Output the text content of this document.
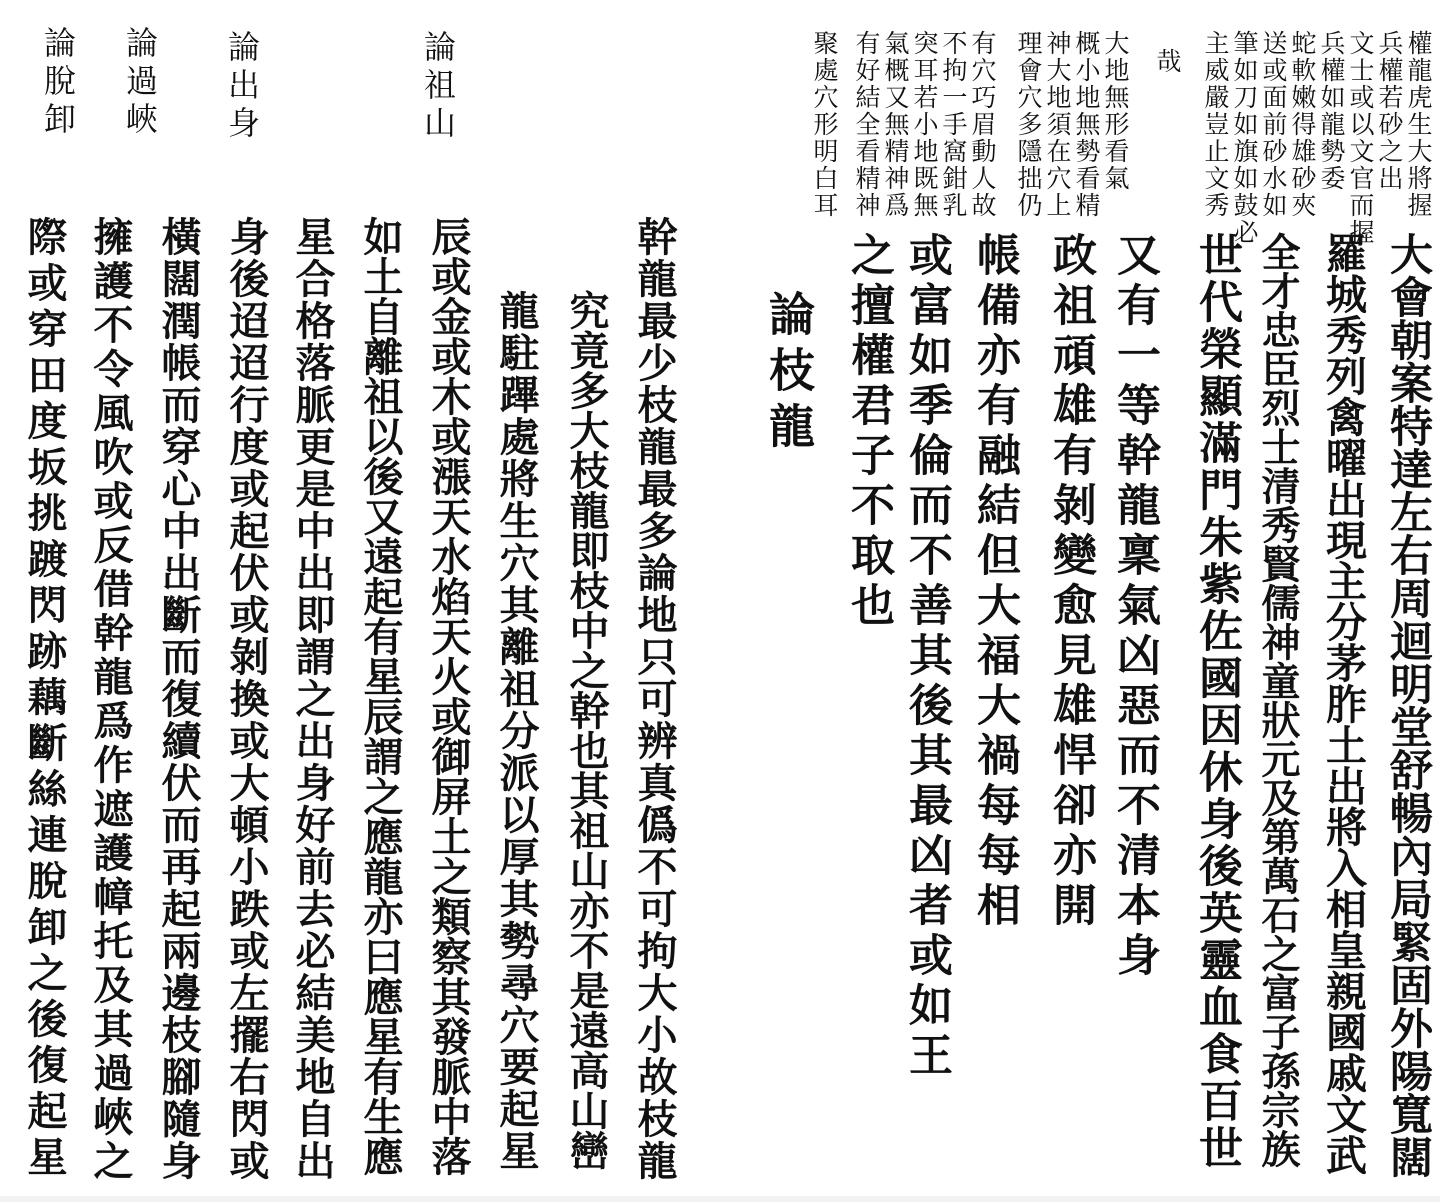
權龍虎生大將握
兵權若砂之出
文士或以文官而握
兵權如龍勢委
蛇軟嫩得雄砂夾
送或面前砂水如
筆如刀如旗如鼓必
主威嚴豈止文秀
哉
大地無形看氣
概小地無勢看精
神大地須在穴上
理會穴多隱拙仍
有穴巧眉動人故
不拘一手窩鉗乳
突耳若小地既無
氣概又無精神爲
有好結全看精神
聚處穴形明白耳
大會朝案特達左右周迴明堂舒暢內局緊固外陽寬闊
羅城秀列禽曜出現主分茅胙土出將入相皇親國戚文武
全才忠臣烈士清秀賢儒神童狀元及第萬石之富子孫宗族
世代榮顯滿門朱紫佐國因休身後英靈血食百世
又有一等幹龍稟氣凶惡而不清本身
政祖頑雄有剝變愈見雄悍卻亦開
帳備亦有融結但大福大禍每每相
或富如季倫而不善其後其最凶者或如王
之擅權君子不取也
論枝龍
幹龍最少枝龍最多論地只可辨真僞不可拘大小故枝龍
究竟多大枝龍即枝中之幹也其祖山亦不是遠高山巒
龍駐蹕處將生穴其離祖分派以厚其勢尋穴要起星
辰或金或木或漲天水焰天火或御屏土之類察其發脈中落
如土自離祖以後又遠起有星辰謂之應龍亦曰應星有生應
星合格落脈更是中出即謂之出身好前去必結美地自出
身後迢迢行度或起伏或剝換或大頓小跌或左擺右閃或
橫闊潤帳而穿心中出斷而復續伏而再起兩邊枝腳隨身
擁護不令風吹或反借幹龍爲作遮護幛托及其過峽之
際或穿田度坂挑踱閃跡藕斷絲連脫卸之後復起星
論祖山
論出身
論過峽
論脫卸
